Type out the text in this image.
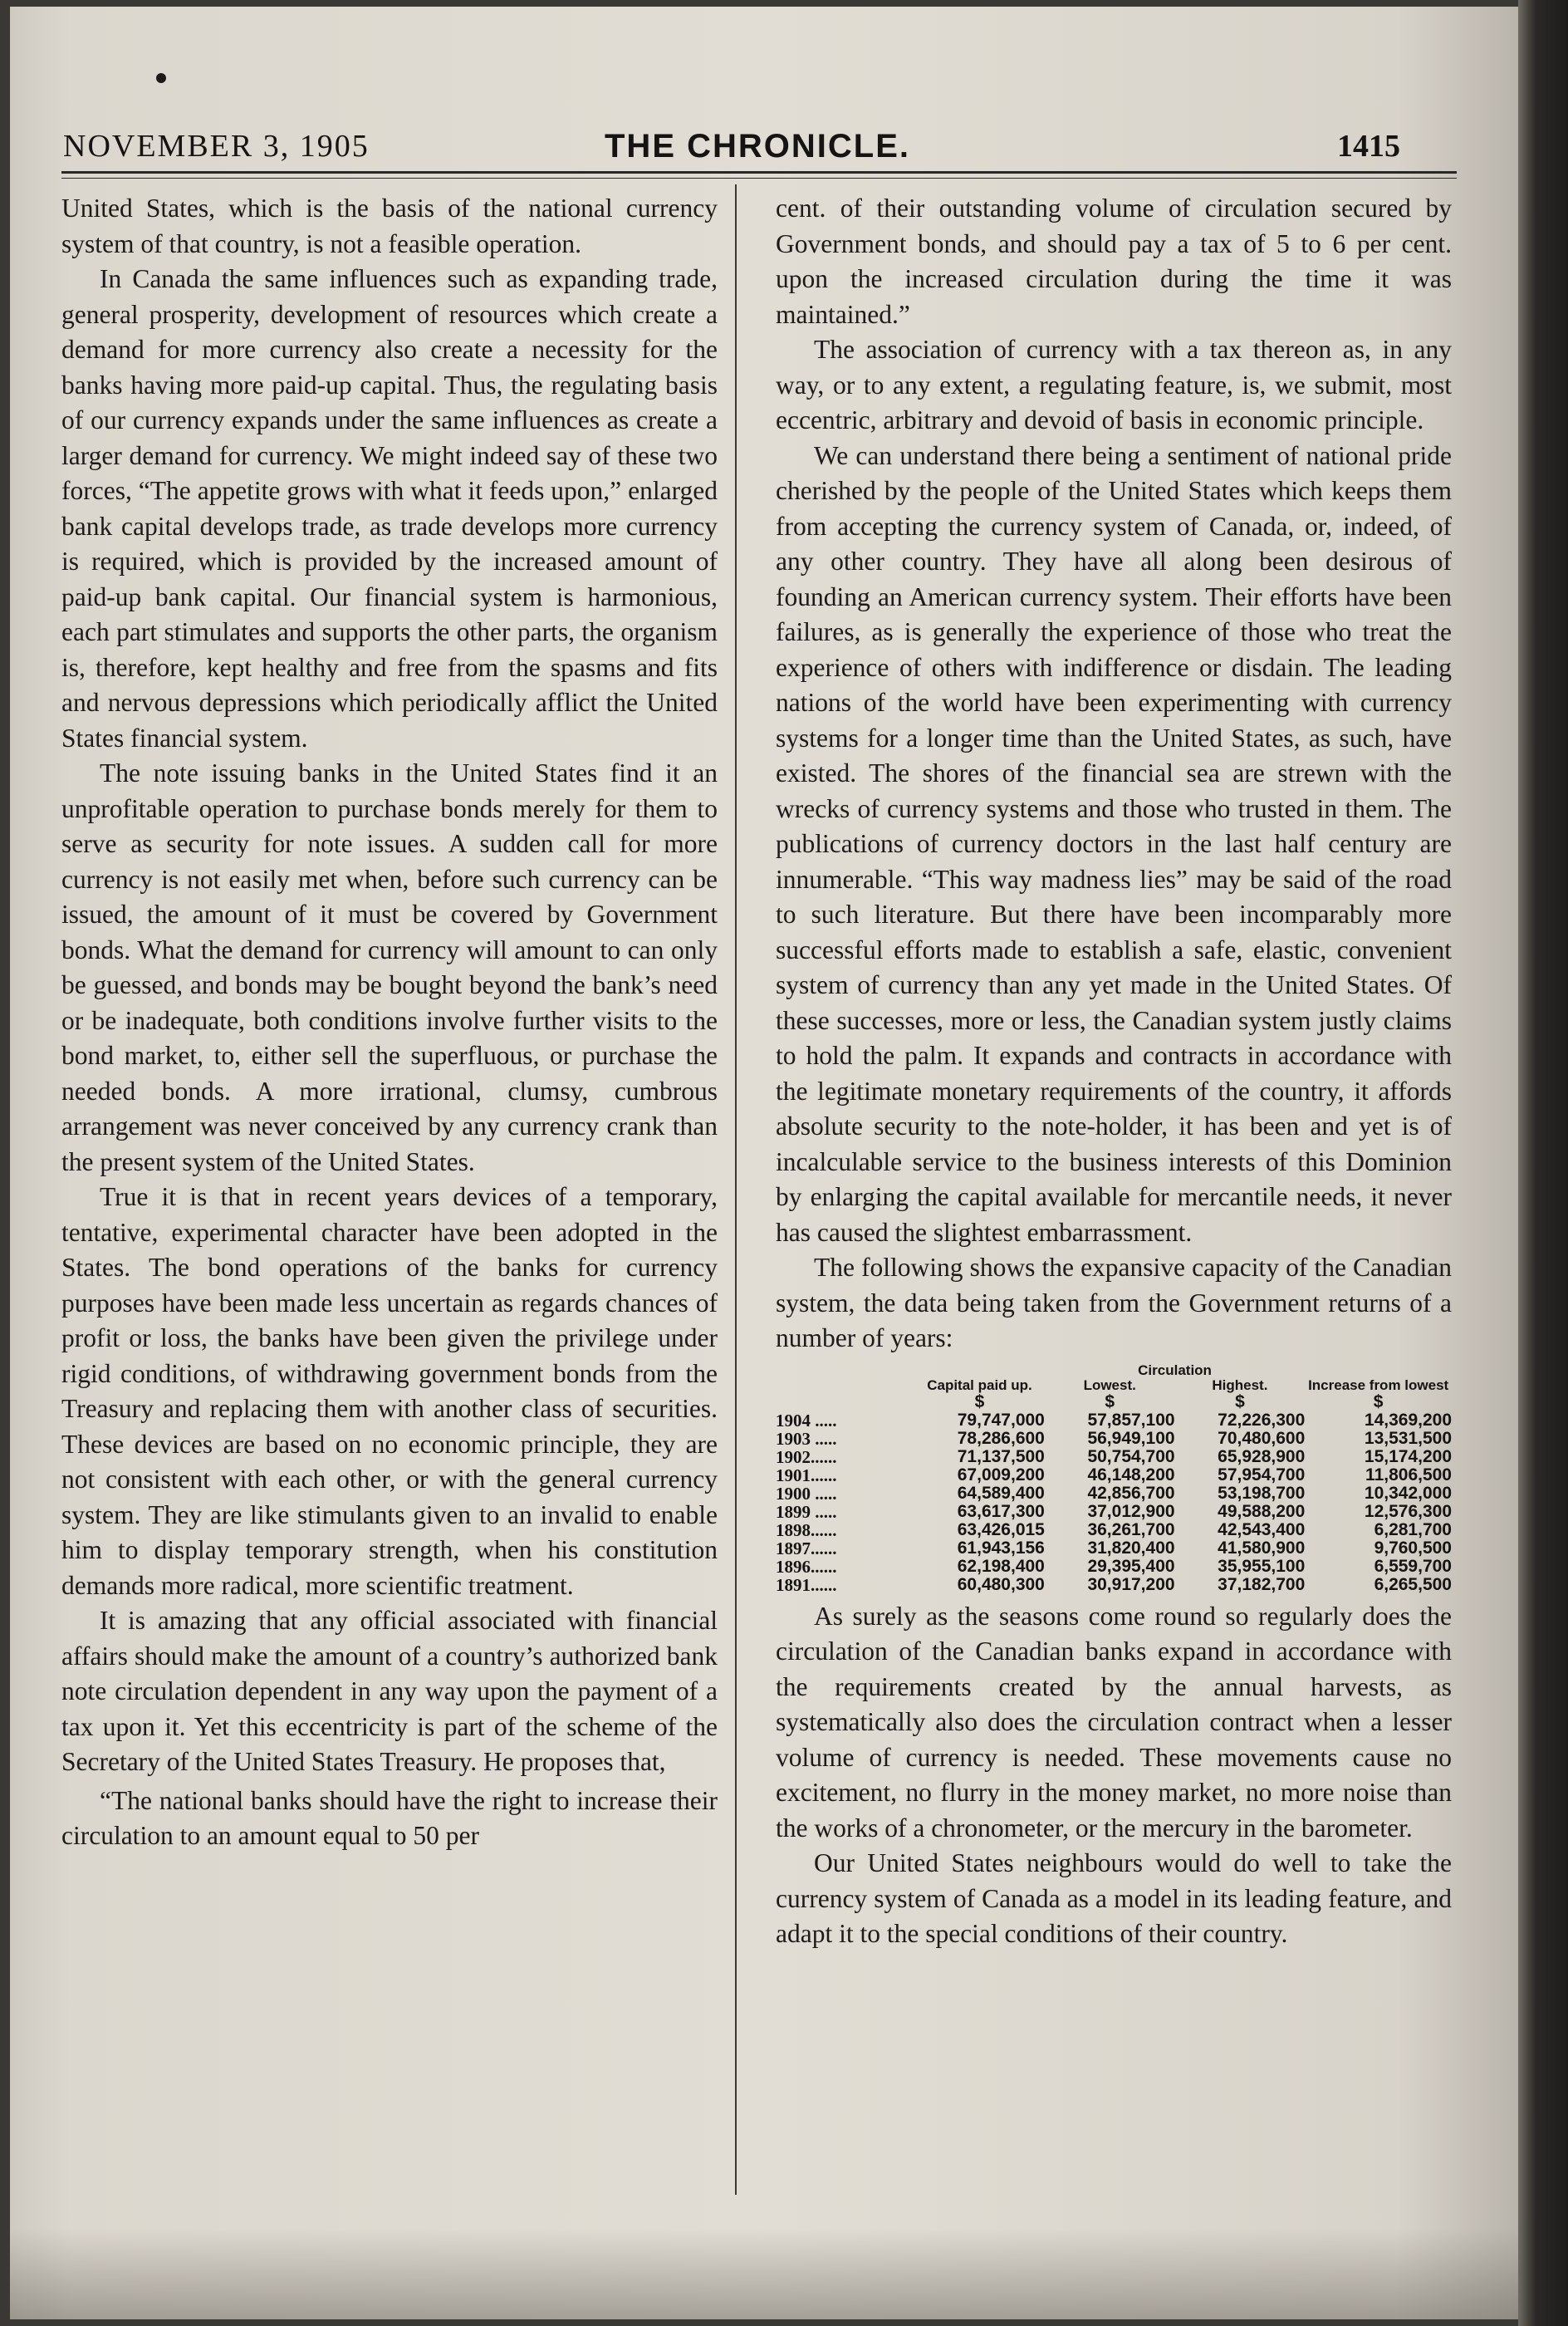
NOVEMBER 3, 1905	THE CHRONICLE.	1415

United States, which is the basis of the national currency system of that country, is not a feasible operation.

In Canada the same influences such as expanding trade, general prosperity, development of resources which create a demand for more currency also create a necessity for the banks having more paid-up capital. Thus, the regulating basis of our currency expands under the same influences as create a larger demand for currency. We might indeed say of these two forces, “The appetite grows with what it feeds upon,” enlarged bank capital develops trade, as trade develops more currency is required, which is provided by the increased amount of paid-up bank capital. Our financial system is harmonious, each part stimulates and supports the other parts, the organism is, therefore, kept healthy and free from the spasms and fits and nervous depressions which periodically afflict the United States financial system.

The note issuing banks in the United States find it an unprofitable operation to purchase bonds merely for them to serve as security for note issues. A sudden call for more currency is not easily met when, before such currency can be issued, the amount of it must be covered by Government bonds. What the demand for currency will amount to can only be guessed, and bonds may be bought beyond the bank’s need or be inadequate, both conditions involve further visits to the bond market, to, either sell the superfluous, or purchase the needed bonds. A more irrational, clumsy, cumbrous arrangement was never conceived by any currency crank than the present system of the United States.

True it is that in recent years devices of a temporary, tentative, experimental character have been adopted in the States. The bond operations of the banks for currency purposes have been made less uncertain as regards chances of profit or loss, the banks have been given the privilege under rigid conditions, of withdrawing government bonds from the Treasury and replacing them with another class of securities. These devices are based on no economic principle, they are not consistent with each other, or with the general currency system. They are like stimulants given to an invalid to enable him to display temporary strength, when his constitution demands more radical, more scientific treatment.

It is amazing that any official associated with financial affairs should make the amount of a country’s authorized bank note circulation dependent in any way upon the payment of a tax upon it. Yet this eccentricity is part of the scheme of the Secretary of the United States Treasury. He proposes that,

“The national banks should have the right to increase their circulation to an amount equal to 50 per

cent. of their outstanding volume of circulation secured by Government bonds, and should pay a tax of 5 to 6 per cent. upon the increased circulation during the time it was maintained.”

The association of currency with a tax thereon as, in any way, or to any extent, a regulating feature, is, we submit, most eccentric, arbitrary and devoid of basis in economic principle.

We can understand there being a sentiment of national pride cherished by the people of the United States which keeps them from accepting the currency system of Canada, or, indeed, of any other country. They have all along been desirous of founding an American currency system. Their efforts have been failures, as is generally the experience of those who treat the experience of others with indifference or disdain. The leading nations of the world have been experimenting with currency systems for a longer time than the United States, as such, have existed. The shores of the financial sea are strewn with the wrecks of currency systems and those who trusted in them. The publications of currency doctors in the last half century are innumerable. “This way madness lies” may be said of the road to such literature. But there have been incomparably more successful efforts made to establish a safe, elastic, convenient system of currency than any yet made in the United States. Of these successes, more or less, the Canadian system justly claims to hold the palm. It expands and contracts in accordance with the legitimate monetary requirements of the country, it affords absolute security to the note-holder, it has been and yet is of incalculable service to the business interests of this Dominion by enlarging the capital available for mercantile needs, it never has caused the slightest embarrassment.

The following shows the expansive capacity of the Canadian system, the data being taken from the Government returns of a number of years:

	Capital paid up.	Circulation		Increase from lowest
		Lowest.	Highest.	
	$	$	$	$
1904 .....	79,747,000	57,857,100	72,226,300	14,369,200
1903 .....	78,286,600	56,949,100	70,480,600	13,531,500
1902......	71,137,500	50,754,700	65,928,900	15,174,200
1901......	67,009,200	46,148,200	57,954,700	11,806,500
1900 .....	64,589,400	42,856,700	53,198,700	10,342,000
1899 .....	63,617,300	37,012,900	49,588,200	12,576,300
1898......	63,426,015	36,261,700	42,543,400	6,281,700
1897......	61,943,156	31,820,400	41,580,900	9,760,500
1896......	62,198,400	29,395,400	35,955,100	6,559,700
1891......	60,480,300	30,917,200	37,182,700	6,265,500

As surely as the seasons come round so regularly does the circulation of the Canadian banks expand in accordance with the requirements created by the annual harvests, as systematically also does the circulation contract when a lesser volume of currency is needed. These movements cause no excitement, no flurry in the money market, no more noise than the works of a chronometer, or the mercury in the barometer.

Our United States neighbours would do well to take the currency system of Canada as a model in its leading feature, and adapt it to the special conditions of their country.
